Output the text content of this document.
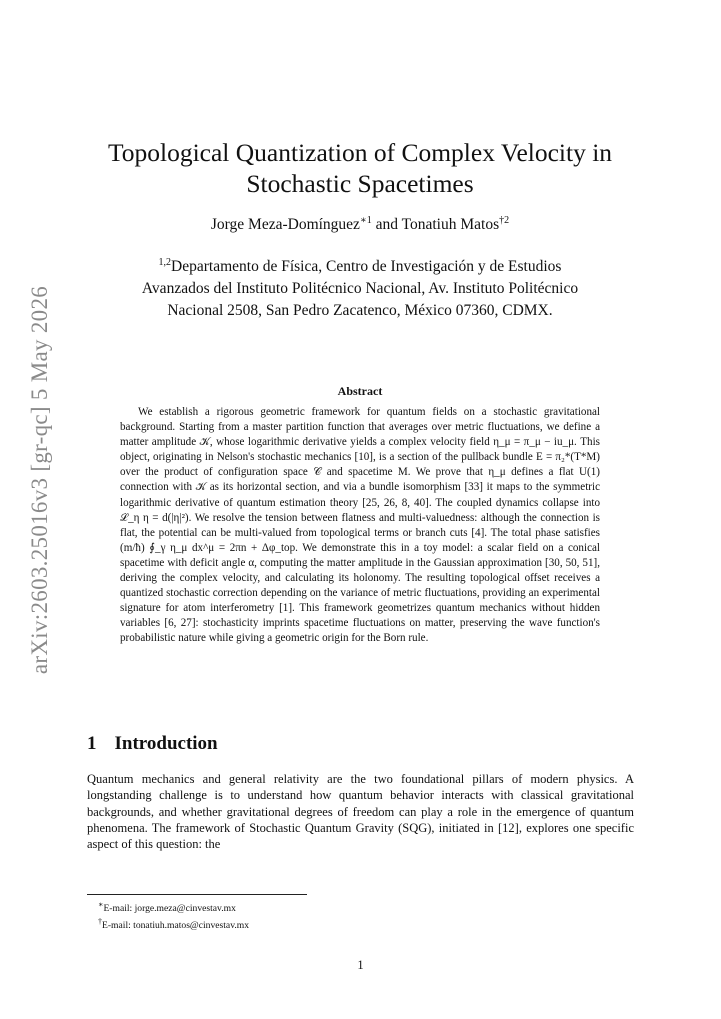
arXiv:2603.25016v3 [gr-qc] 5 May 2026
Topological Quantization of Complex Velocity in
Stochastic Spacetimes
Jorge Meza-Domínguez$^{∗1}$ and Tonatiuh Matos$^{\dagger 2}$
$^{1,2}$Departamento de Física, Centro de Investigación y de Estudios
Avanzados del Instituto Politécnico Nacional, Av. Instituto Politécnico
Nacional 2508, San Pedro Zacatenco, México 07360, CDMX.
Abstract
We establish a rigorous geometric framework for quantum fields on a stochastic gravitational background. Starting from a master partition function that averages over metric fluctuations, we define a matter amplitude 𝒦, whose logarithmic derivative yields a complex velocity field η_μ = π_μ − iu_μ. This object, originating in Nelson's stochastic mechanics [10], is a section of the pullback bundle E = π₂*(T*M) over the product of configuration space 𝒞 and spacetime M. We prove that η_μ defines a flat U(1) connection with 𝒦 as its horizontal section, and via a bundle isomorphism [33] it maps to the symmetric logarithmic derivative of quantum estimation theory [25, 26, 8, 40]. The coupled dynamics collapse into ℒ_η η = d(|η|²). We resolve the tension between flatness and multi-valuedness: although the connection is flat, the potential can be multi-valued from topological terms or branch cuts [4]. The total phase satisfies (m/ħ) ∮_γ η_μ dx^μ = 2πn + Δφ_top. We demonstrate this in a toy model: a scalar field on a conical spacetime with deficit angle α, computing the matter amplitude in the Gaussian approximation [30, 50, 51], deriving the complex velocity, and calculating its holonomy. The resulting topological offset receives a quantized stochastic correction depending on the variance of metric fluctuations, providing an experimental signature for atom interferometry [1]. This framework geometrizes quantum mechanics without hidden variables [6, 27]: stochasticity imprints spacetime fluctuations on matter, preserving the wave function's probabilistic nature while giving a geometric origin for the Born rule.
1 Introduction
Quantum mechanics and general relativity are the two foundational pillars of modern physics. A longstanding challenge is to understand how quantum behavior interacts with classical gravitational backgrounds, and whether gravitational degrees of freedom can play a role in the emergence of quantum phenomena. The framework of Stochastic Quantum Gravity (SQG), initiated in [12], explores one specific aspect of this question: the
∗E-mail: jorge.meza@cinvestav.mx
†E-mail: tonatiuh.matos@cinvestav.mx
1
